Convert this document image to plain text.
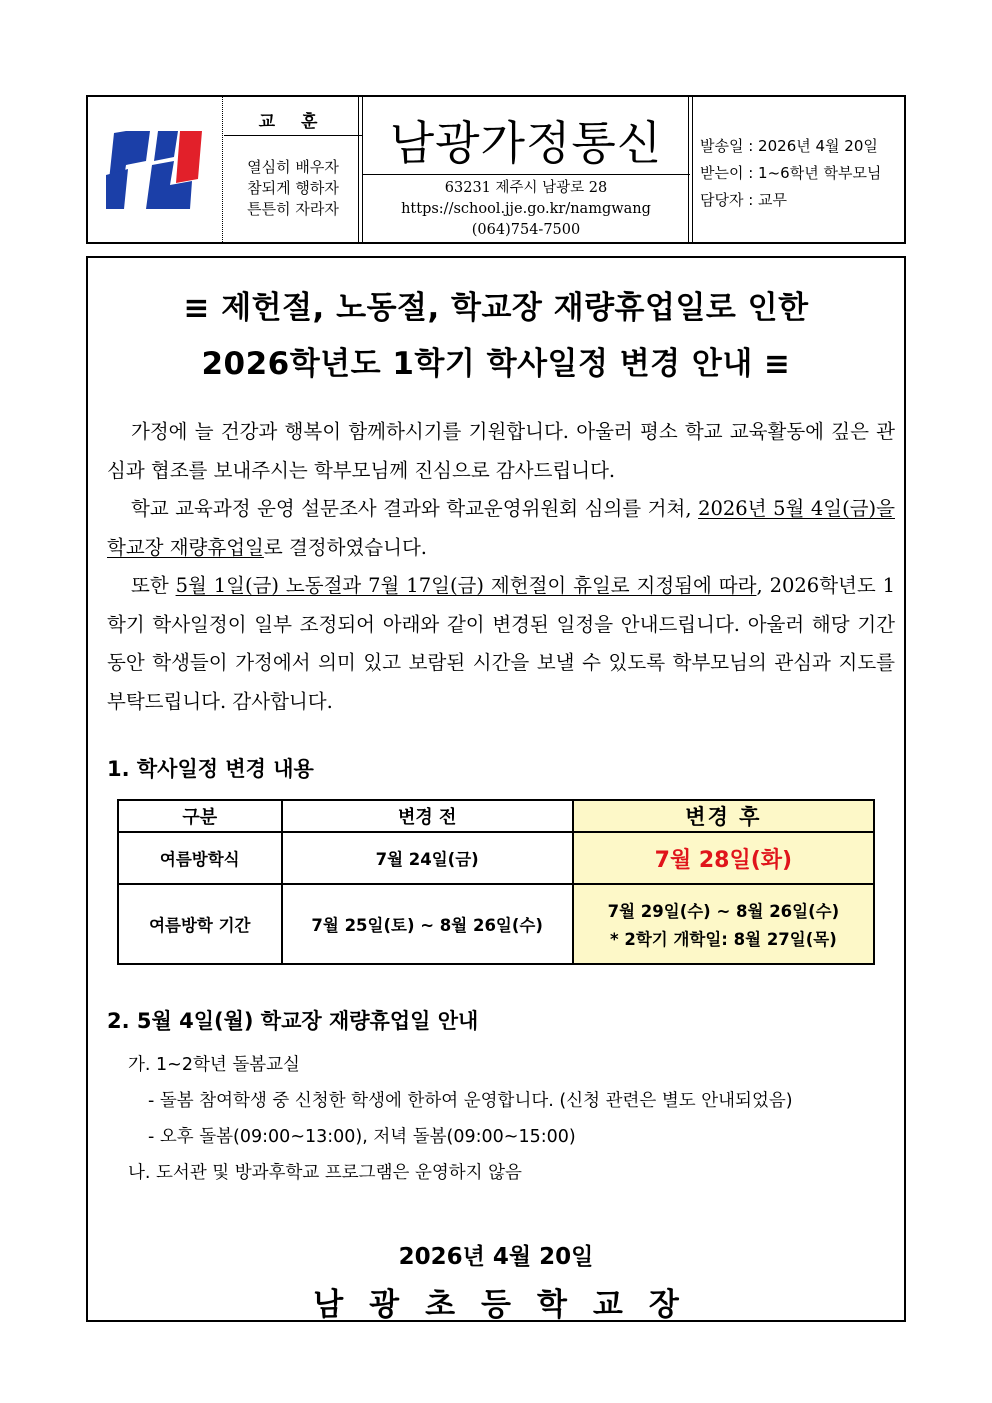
교 훈
열심히 배우자
참되게 행하자
튼튼히 자라자
남광가정통신
63231 제주시 남광로 28
https://school.jje.go.kr/namgwang
(064)754-7500
발송일 : 2026년 4월 20일
받는이 : 1~6학년 학부모님
담당자 : 교무
≡ 제헌절, 노동절, 학교장 재량휴업일로 인한
2026학년도 1학기 학사일정 변경 안내 ≡

가정에 늘 건강과 행복이 함께하시기를 기원합니다. 아울러 평소 학교 교육활동에 깊은 관심과 협조를 보내주시는 학부모님께 진심으로 감사드립니다.

학교 교육과정 운영 설문조사 결과와 학교운영위원회 심의를 거쳐, 2026년 5월 4일(금)을 학교장 재량휴업일로 결정하였습니다.

또한 5월 1일(금) 노동절과 7월 17일(금) 제헌절이 휴일로 지정됨에 따라, 2026학년도 1학기 학사일정이 일부 조정되어 아래와 같이 변경된 일정을 안내드립니다. 아울러 해당 기간 동안 학생들이 가정에서 의미 있고 보람된 시간을 보낼 수 있도록 학부모님의 관심과 지도를 부탁드립니다. 감사합니다.

1. 학사일정 변경 내용
구분	변경 전	변경 후
여름방학식	7월 24일(금)	7월 28일(화)
여름방학 기간	7월 25일(토) ~ 8월 26일(수)	7월 29일(수) ~ 8월 26일(수)
* 2학기 개학일: 8월 27일(목)
2. 5월 4일(월) 학교장 재량휴업일 안내
가. 1~2학년 돌봄교실
- 돌봄 참여학생 중 신청한 학생에 한하여 운영합니다. (신청 관련은 별도 안내되었음)
- 오후 돌봄(09:00~13:00), 저녁 돌봄(09:00~15:00)
나. 도서관 및 방과후학교 프로그램은 운영하지 않음
2026년 4월 20일
남광초등학교장
